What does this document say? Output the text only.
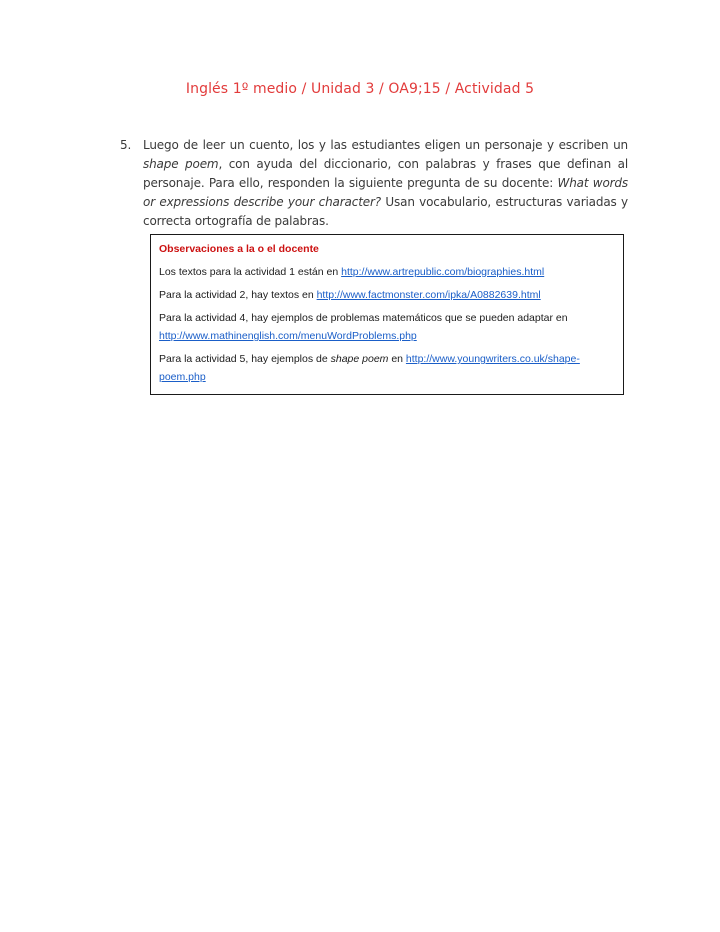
Inglés 1º medio / Unidad 3 / OA9;15 / Actividad 5
5. Luego de leer un cuento, los y las estudiantes eligen un personaje y escriben un shape poem, con ayuda del diccionario, con palabras y frases que definan al personaje. Para ello, responden la siguiente pregunta de su docente: What words or expressions describe your character? Usan vocabulario, estructuras variadas y correcta ortografía de palabras.

Observaciones a la o el docente

Los textos para la actividad 1 están en http://www.artrepublic.com/biographies.html

Para la actividad 2, hay textos en http://www.factmonster.com/ipka/A0882639.html

Para la actividad 4, hay ejemplos de problemas matemáticos que se pueden adaptar en http://www.mathinenglish.com/menuWordProblems.php

Para la actividad 5, hay ejemplos de shape poem en http://www.youngwriters.co.uk/shape-poem.php
